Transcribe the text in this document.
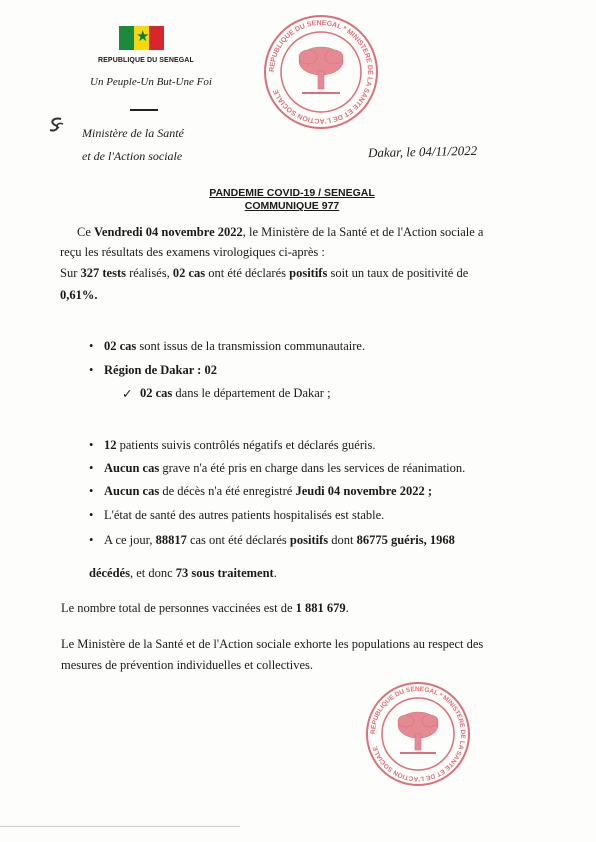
★
REPUBLIQUE DU SENEGAL
Un Peuple-Un But-Une Foi
Ministère de la Santé
et de l'Action sociale	Dakar, le 04/11/2022
REPUBLIQUE DU SENEGAL * MINISTERE DE LA SANTE ET DE L'ACTION SOCIALE
PANDEMIE COVID-19 / SENEGAL
COMMUNIQUE 977
Ce Vendredi 04 novembre 2022, le Ministère de la Santé et de l'Action sociale a
reçu les résultats des examens virologiques ci-après :
Sur 327 tests réalisés, 02 cas ont été déclarés positifs soit un taux de positivité de
0,61%.
• 02 cas sont issus de la transmission communautaire.
• Région de Dakar : 02
✓ 02 cas dans le département de Dakar ;
• 12 patients suivis contrôlés négatifs et déclarés guéris.
• Aucun cas grave n'a été pris en charge dans les services de réanimation.
• Aucun cas de décès n'a été enregistré Jeudi 04 novembre 2022 ;
• L'état de santé des autres patients hospitalisés est stable.
• A ce jour, 88817 cas ont été déclarés positifs dont 86775 guéris, 1968
décédés, et donc 73 sous traitement.
Le nombre total de personnes vaccinées est de 1 881 679.
Le Ministère de la Santé et de l'Action sociale exhorte les populations au respect des
mesures de prévention individuelles et collectives.
REPUBLIQUE DU SENEGAL * MINISTERE DE LA SANTE ET DE L'ACTION SOCIALE
